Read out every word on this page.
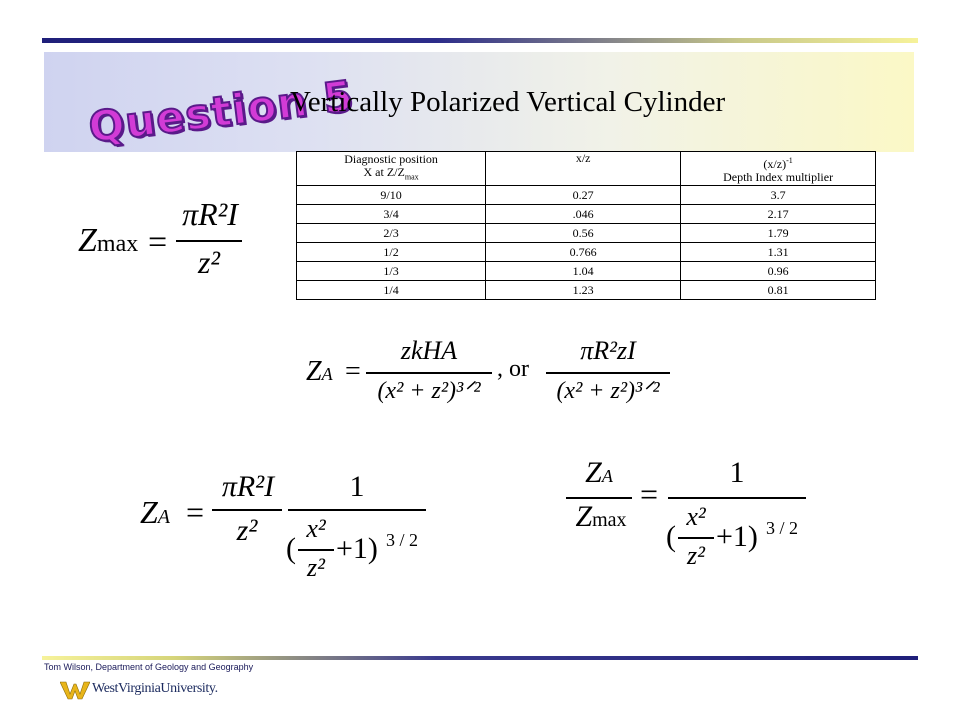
Question 5
Vertically Polarized Vertical Cylinder
Diagnostic position
X at $Z/Z_{max}$	x/z	$(x/z)^{-1}$
Depth Index multiplier
9/10	0.27	3.7
3/4	.046	2.17
2/3	0.56	1.79
1/2	0.766	1.31
1/3	1.04	0.96
1/4	1.23	0.81
Zmax =
πR²I
z²
ZA =
zkHA
(x² + z²)³ᐟ²
, or
πR²zI
(x² + z²)³ᐟ²
ZA =
πR²I
z²
1
(
x²
z²
+1) 3 / 2
ZA
Zmax
=
1
(
x²
z²
+1) 3 / 2
Tom Wilson, Department of Geology and Geography
WestVirginiaUniversity.
